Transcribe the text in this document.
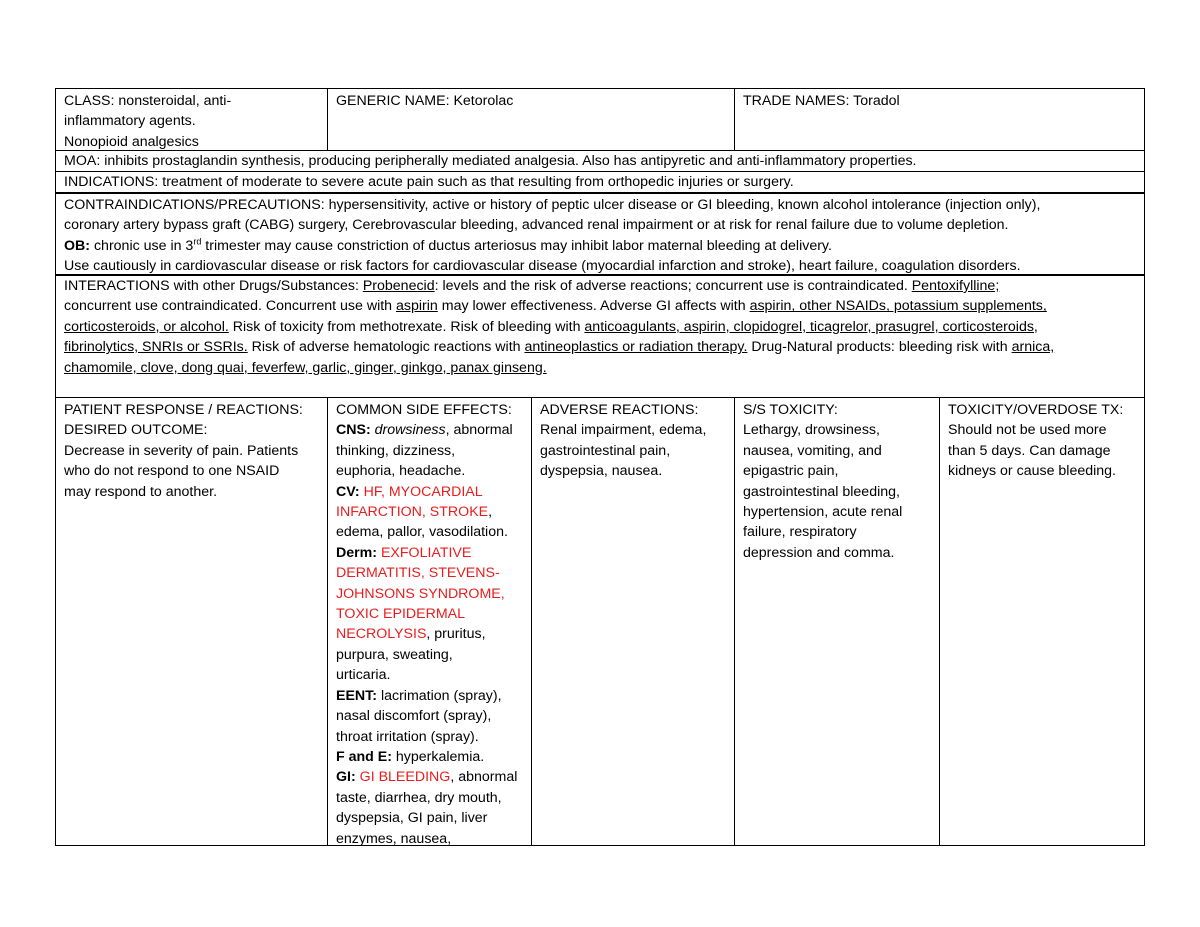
CLASS: nonsteroidal, anti-
inflammatory agents.
Nonopioid analgesics
GENERIC NAME: Ketorolac	TRADE NAMES: Toradol
MOA: inhibits prostaglandin synthesis, producing peripherally mediated analgesia. Also has antipyretic and anti-inflammatory properties.
INDICATIONS: treatment of moderate to severe acute pain such as that resulting from orthopedic injuries or surgery.
CONTRAINDICATIONS/PRECAUTIONS: hypersensitivity, active or history of peptic ulcer disease or GI bleeding, known alcohol intolerance (injection only),
coronary artery bypass graft (CABG) surgery, Cerebrovascular bleeding, advanced renal impairment or at risk for renal failure due to volume depletion.
OB: chronic use in 3rd trimester may cause constriction of ductus arteriosus may inhibit labor maternal bleeding at delivery.
Use cautiously in cardiovascular disease or risk factors for cardiovascular disease (myocardial infarction and stroke), heart failure, coagulation disorders.
INTERACTIONS with other Drugs/Substances: Probenecid: levels and the risk of adverse reactions; concurrent use is contraindicated. Pentoxifylline;
concurrent use contraindicated. Concurrent use with aspirin may lower effectiveness. Adverse GI affects with aspirin, other NSAIDs, potassium supplements,
corticosteroids, or alcohol. Risk of toxicity from methotrexate. Risk of bleeding with anticoagulants, aspirin, clopidogrel, ticagrelor, prasugrel, corticosteroids,
fibrinolytics, SNRIs or SSRIs. Risk of adverse hematologic reactions with antineoplastics or radiation therapy. Drug-Natural products: bleeding risk with arnica,
chamomile, clove, dong quai, feverfew, garlic, ginger, ginkgo, panax ginseng.
PATIENT RESPONSE / REACTIONS:
DESIRED OUTCOME:
Decrease in severity of pain. Patients
who do not respond to one NSAID
may respond to another.
COMMON SIDE EFFECTS:
CNS: drowsiness, abnormal
thinking, dizziness,
euphoria, headache.
CV: HF, MYOCARDIAL
INFARCTION, STROKE,
edema, pallor, vasodilation.
Derm: EXFOLIATIVE
DERMATITIS, STEVENS-
JOHNSONS SYNDROME,
TOXIC EPIDERMAL
NECROLYSIS, pruritus,
purpura, sweating,
urticaria.
EENT: lacrimation (spray),
nasal discomfort (spray),
throat irritation (spray).
F and E: hyperkalemia.
GI: GI BLEEDING, abnormal
taste, diarrhea, dry mouth,
dyspepsia, GI pain, liver
enzymes, nausea,
ADVERSE REACTIONS:
Renal impairment, edema,
gastrointestinal pain,
dyspepsia, nausea.
S/S TOXICITY:
Lethargy, drowsiness,
nausea, vomiting, and
epigastric pain,
gastrointestinal bleeding,
hypertension, acute renal
failure, respiratory
depression and comma.
TOXICITY/OVERDOSE TX:
Should not be used more
than 5 days. Can damage
kidneys or cause bleeding.
